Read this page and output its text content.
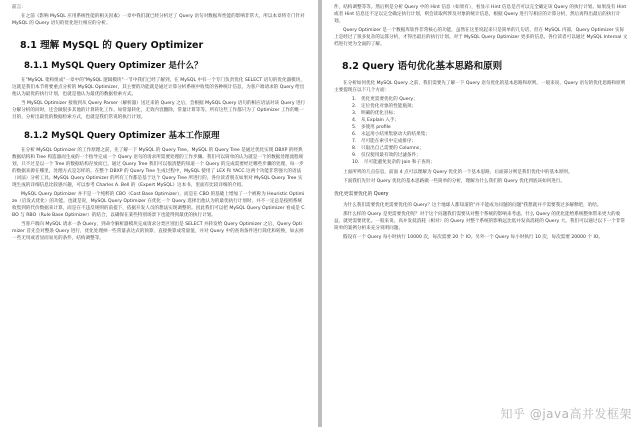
前言：

在之前《影响 MySQL 应用系统性能的相关因素》一章中我们就已经分析过了 Query 语句对数据库性能的影响非常大，所以本章将专门针对 MySQL 的 Query 语句的优化进行相应的分析。

8.1 理解 MySQL 的 Query Optimizer
8.1.1 MySQL Query Optimizer 是什么？

在"MySQL 架构组成"一章中的"MySQL 逻辑模块"一节中我们已经了解到，在 MySQL 中有一个专门负责优化 SELECT 语句的优化器模块，这就是我们本节将要重点分析的 MySQL Optimizer，其主要的功能就是通过计算分析系统中收集的各种统计信息，为客户端请求的 Query 给出他认为最优的执行计划，也就是他认为最优的数据检索方式。

当 MySQL Optimizer 接收到从 Query Parser（解析器）送过来的 Query 之后，会根据 MySQL Query 语句的相应语法对该 Query 进行分解分析的同时，还会做很多其他的计算转化工作。如常量转化，无效内容删除，常量计算等等。所有这些工作都只为了 Optimizer 工作的唯一目的，分析出最优的数据检索方式，也就是我们常说的执行计划。

8.1.2 MySQL Query Optimizer 基本工作原理

在分析 MySQL Optimizer 的工作原理之前，先了解一下 MySQL 的 Query Tree。MySQL 的 Query Tree 是通过优化实现 DBXP 的经典数据结构和 Tree 构造器而生成的一个指导完成一个 Query 语句的请求所需要处理的工作步骤。我们可以简单的认为就是一个的数据处理流程规划，只不过是以一个 Tree 的数据结构存放而已。通过 Query Tree 我们可以很清楚的知道一个 Query 的完成需要经过哪些步骤的处理，每一步的数据来源在哪里，处理方式是怎样的。在整个 DBXP 的 Query Tree 生成过程中，MySQL 使用了 LEX 和 YACC 这两个功能非常强大的语法（词法）分析工具。MySQL Query Optimizer 的所有工作都是基于这个 Query Tree 所进行的。各位读者朋友如果对 MySQL Query Tree 实现生成的详细信息比较感兴趣，可以参考 Charles A. Bell 的《Expert MySQL》这本书，里面有比较详细的介绍。

MySQL Query Optimizer 并不是一个纯粹的 CBO（Cost Base Optimizer），而是在 CBO 的基础上增加了一个被称为 Heuristic Optimize（启发式优化）的功能。也就是说，MySQL Query Optimizer 在优化一个 Query 选择出他认为的最优执行计划时，并不一定总是按照系统收集到的代价数据来计算，而是在不违反规则的前提下，依据开发人员的想法实现调整的。因此我们可以把 MySQL Query Optimizer 看成是 CBO 与 RBO（Rule Base Optimizer）的结合，以确保在某些特别场景下也能得到最优的执行计划。

当客户端向 MySQL 请求一条 Query，到命令解析器模块完成请求分类区别出是 SELECT 并转发给 Query Optimizer 之后，Query Optimizer 首先会对整条 Query 进行，优化处理掉一些常量表达式的预算，直接换算成常量值，并对 Query 中的查询条件进行简化和转换，如去掉一些无用或者显而易见的条件，结构调整等。

件，结构调整等等。然后则是分析 Query 中的 Hint 信息（如果有），看显示 Hint 信息是否可以完全确定该 Query 的执行计划。如果没有 Hint 或者 Hint 信息还不足以完全确定执行计划，则会读取所涉及对象的统计信息，根据 Query 进行写相应的计算分析，然后再得出最后的执行计划。

Query Optimizer 是一个数据库软件非常核心的功能，虽然在这里说起来只是简单的几句话，但在 MySQL 内部，Query Optimizer 实际上是经过了很多复杂的运算分析，才得出最后的执行计划。对于 MySQL Query Optimizer 更多的信息，各位读者可以通过 MySQL Internal 文档进行更为全面的了解。

8.2 Query 语句优化基本思路和原则

在分析如何优化 MySQL Query 之前，我们需要先了解一下 Query 语句优化的基本思路和原则。一般来说，Query 语句的优化思路和原则主要提现在以下几个方面：

1.　优化更需要优化的 Query；
2.　定位优化对象的性能瓶颈；
3.　明确的优化目标；
4.　从 Explain 入手；
5.　多使用 profile
6.　永远用小结果集驱动大的结果集；
7.　尽可能在索引中完成排序；
8.　只取出自己需要的 Columns；
9.　仅仅使用最有效的过滤条件；
10.　尽可能避免复杂的 Join 和子查询；

上面所列的几点信息，前面 4 点可以理解为 Query 优化的一个基本思路，后面部分则是我们优化中的基本原则。

下面我们先针对 Query 优化的基本思路做一些简单的分析，理解为什么我们的 Query 优化到底该如何进行。

优化更需要优化的 Query

为什么我们需要优化更需要优化的 Query？这个地球人都知道的"并不能成为问题的问题"我想就并不需要我过多解释吧，哈哈。

那什么样的 Query 是更需要优化呢？对于这个问题我们需要从对整个系统的影响来考虑。什么 Query 的优化能给系统整体带来更大的收益，就更需要优化。一般来说，高并发低消耗（相对）的 Query 对整个系统的影响远比低并发高消耗的 Query 大。我们可以通过以下一个非常简单的案例分析来充分说明问题。

假设有一个 Query 每小时执行 10000 次，每次需要 20 个 IO。另外一个 Query 每小时执行 10 次，每次需要 20000 个 IO。

知乎 @java高并发框架
